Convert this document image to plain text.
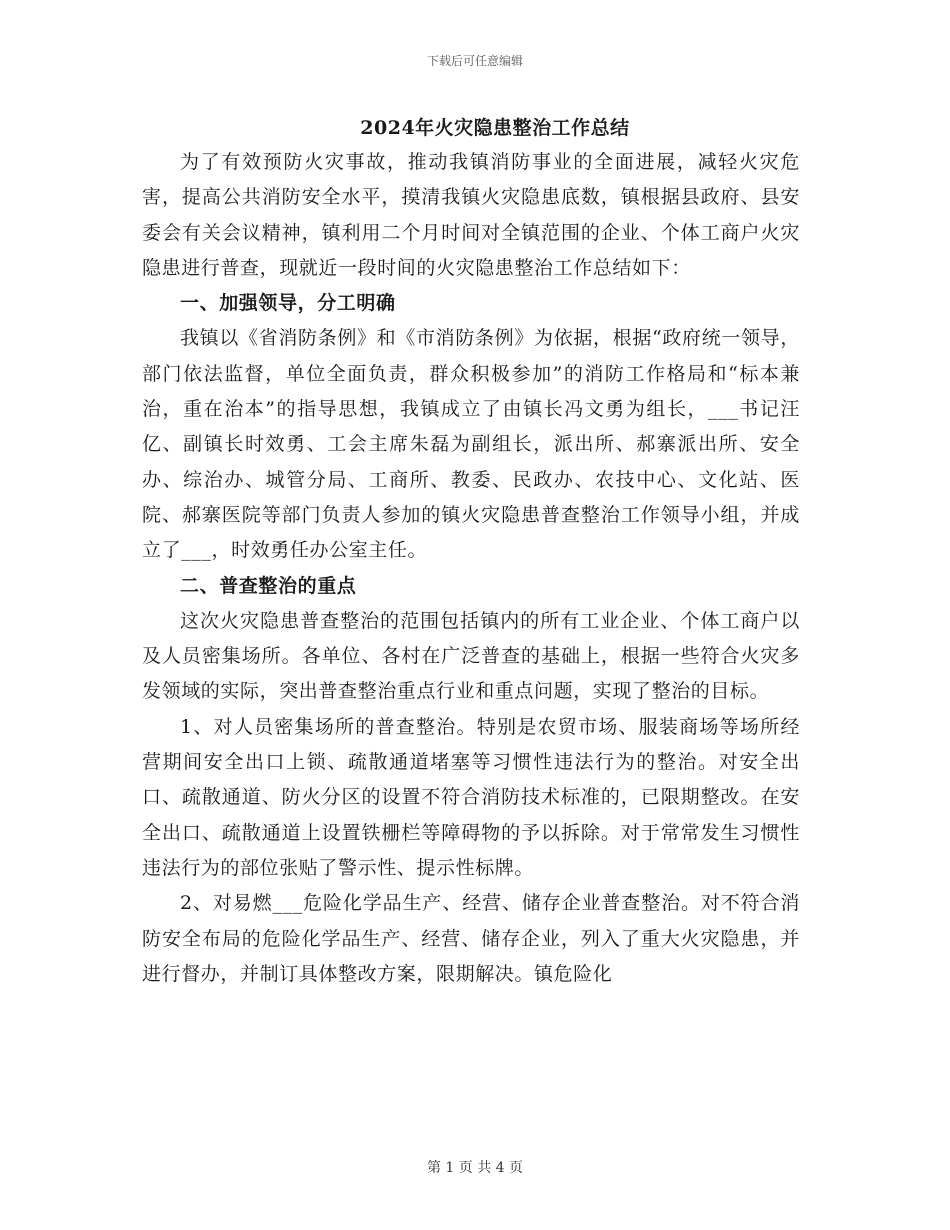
下载后可任意编辑
2024年火灾隐患整治工作总结

为了有效预防火灾事故，推动我镇消防事业的全面进展，减轻火灾危害，提高公共消防安全水平，摸清我镇火灾隐患底数，镇根据县政府、县安委会有关会议精神，镇利用二个月时间对全镇范围的企业、个体工商户火灾隐患进行普查，现就近一段时间的火灾隐患整治工作总结如下：

一、加强领导，分工明确

我镇以《省消防条例》和《市消防条例》为依据，根据“政府统一领导，部门依法监督，单位全面负责，群众积极参加”的消防工作格局和“标本兼治，重在治本”的指导思想，我镇成立了由镇长冯文勇为组长，___书记汪亿、副镇长时效勇、工会主席朱磊为副组长，派出所、郝寨派出所、安全办、综治办、城管分局、工商所、教委、民政办、农技中心、文化站、医院、郝寨医院等部门负责人参加的镇火灾隐患普查整治工作领导小组，并成立了___，时效勇任办公室主任。

二、普查整治的重点

这次火灾隐患普查整治的范围包括镇内的所有工业企业、个体工商户以及人员密集场所。各单位、各村在广泛普查的基础上，根据一些符合火灾多发领域的实际，突出普查整治重点行业和重点问题，实现了整治的目标。

1、对人员密集场所的普查整治。特别是农贸市场、服装商场等场所经营期间安全出口上锁、疏散通道堵塞等习惯性违法行为的整治。对安全出口、疏散通道、防火分区的设置不符合消防技术标准的，已限期整改。在安全出口、疏散通道上设置铁栅栏等障碍物的予以拆除。对于常常发生习惯性违法行为的部位张贴了警示性、提示性标牌。

2、对易燃___危险化学品生产、经营、储存企业普查整治。对不符合消防安全布局的危险化学品生产、经营、储存企业，列入了重大火灾隐患，并进行督办，并制订具体整改方案，限期解决。镇危险化

第 1 页 共 4 页
